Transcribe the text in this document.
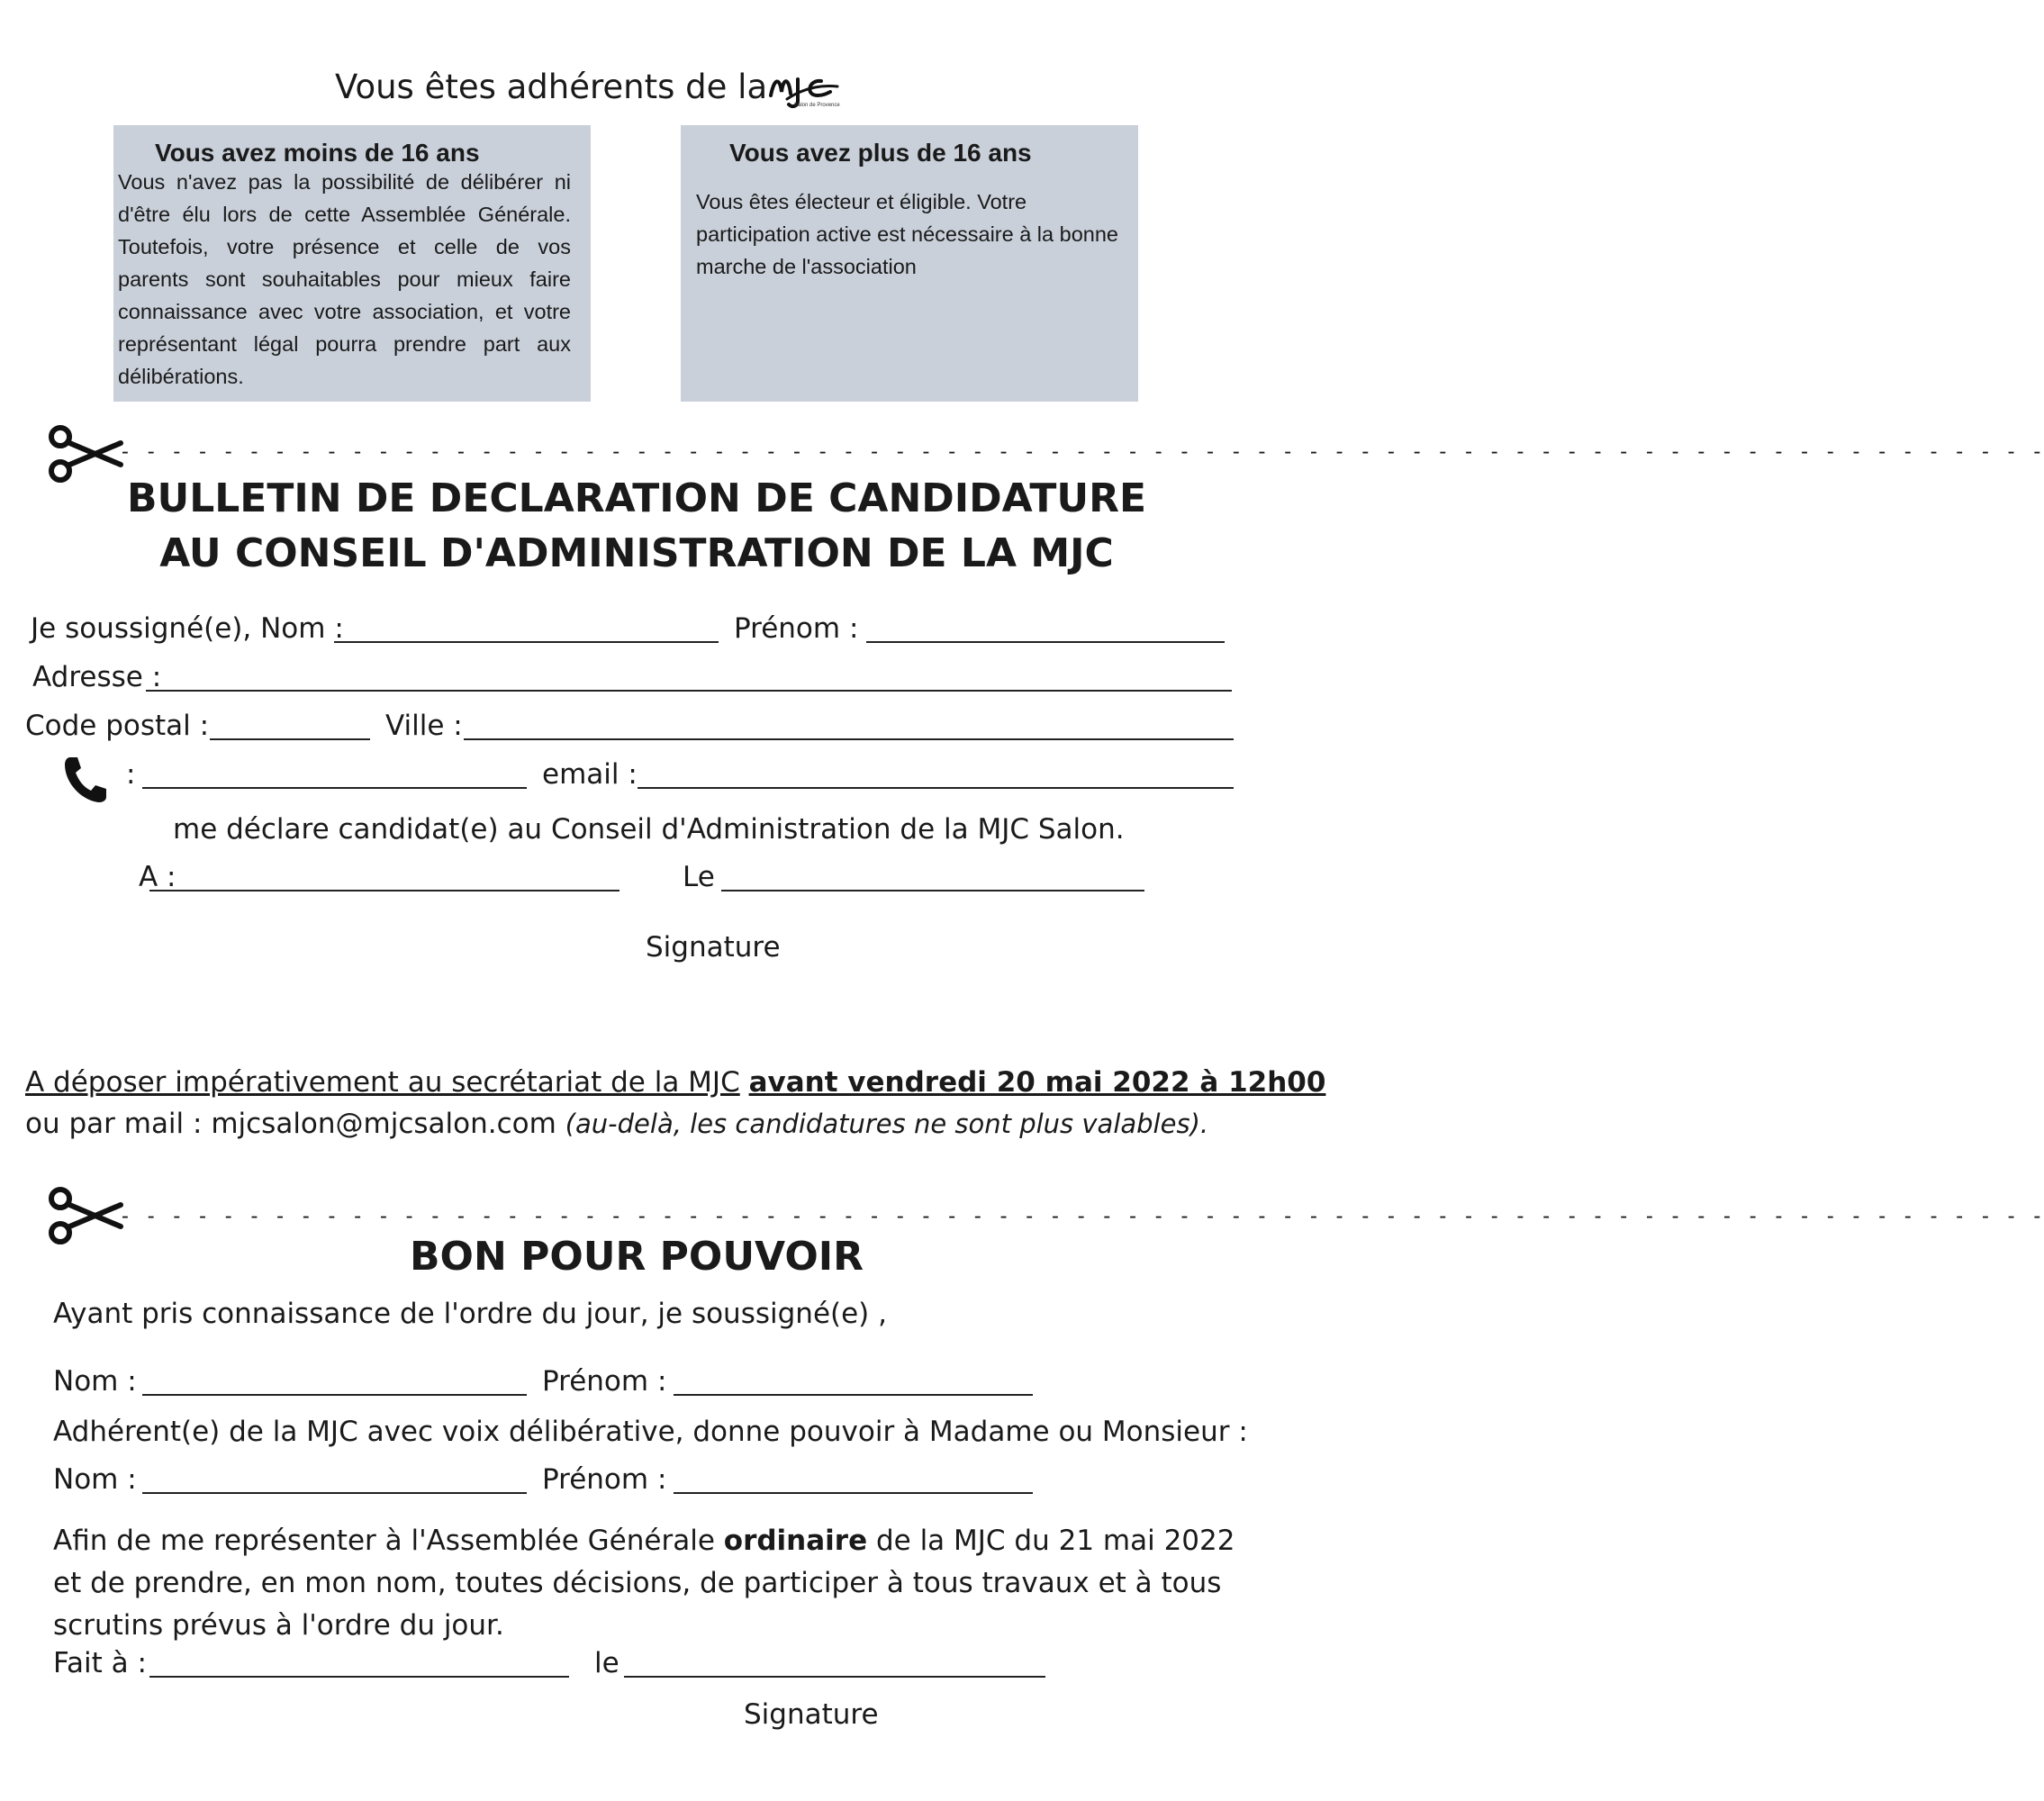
Vous êtes adhérents de la	Salon de Provence
Vous avez moins de 16 ans
Vous n'avez pas la possibilité de délibérer ni d'être élu lors de cette Assemblée Générale. Toutefois, votre présence et celle de vos parents sont souhaitables pour mieux faire connaissance avec votre association, et votre représentant légal pourra prendre part aux délibérations.
Vous avez plus de 16 ans
Vous êtes électeur et éligible. Votre participation active est nécessaire à la bonne marche de l'association
- - - - - - - - - - - - - - - - - - - - - - - - - - - - - - - - - - - - - - - - - - - - - - - - - - - - - - - - - - - - - - - - - - - - - - - - - - -
BULLETIN DE DECLARATION DE CANDIDATURE
AU CONSEIL D'ADMINISTRATION DE LA MJC
Je soussigné(e), Nom :	Prénom :
Adresse :
Code postal :	Ville :
:	email :
me déclare candidat(e) au Conseil d'Administration de la MJC Salon.
A :	Le
Signature
A déposer impérativement au secrétariat de la MJC avant vendredi 20 mai 2022 à 12h00
ou par mail : mjcsalon@mjcsalon.com (au-delà, les candidatures ne sont plus valables).
- - - - - - - - - - - - - - - - - - - - - - - - - - - - - - - - - - - - - - - - - - - - - - - - - - - - - - - - - - - - - - - - - - - - - - - - - - -
BON POUR POUVOIR
Ayant pris connaissance de l'ordre du jour, je soussigné(e) ,
Nom :	Prénom :
Adhérent(e) de la MJC avec voix délibérative, donne pouvoir à Madame ou Monsieur :
Nom :	Prénom :
Afin de me représenter à l'Assemblée Générale ordinaire de la MJC du 21 mai 2022
et de prendre, en mon nom, toutes décisions, de participer à tous travaux et à tous
scrutins prévus à l'ordre du jour.
Fait à :	le
Signature
